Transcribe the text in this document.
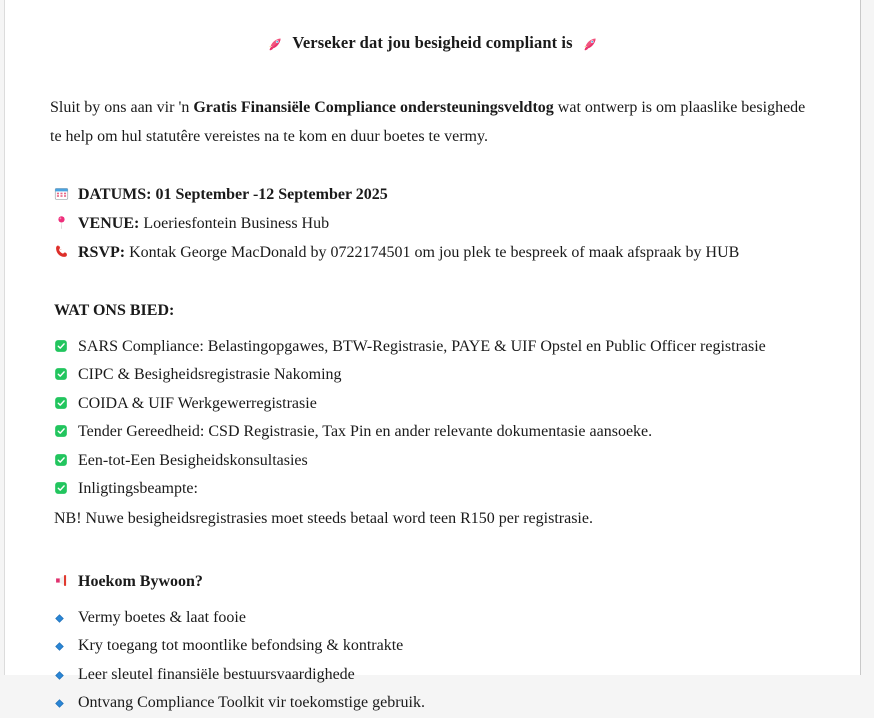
Verseker dat jou besigheid compliant is

Sluit by ons aan vir 'n Gratis Finansiële Compliance ondersteuningsveldtog wat ontwerp is om plaaslike besighede te help om hul statutêre vereistes na te kom en duur boetes te vermy.

DATUMS: 01 September -12 September 2025
VENUE: Loeriesfontein Business Hub
RSVP: Kontak George MacDonald by 0722174501 om jou plek te bespreek of maak afspraak by HUB
WAT ONS BIED:
SARS Compliance: Belastingopgawes, BTW-Registrasie, PAYE & UIF Opstel en Public Officer registrasie
CIPC & Besigheidsregistrasie Nakoming
COIDA & UIF Werkgewerregistrasie
Tender Gereedheid: CSD Registrasie, Tax Pin en ander relevante dokumentasie aansoeke.
Een-tot-Een Besigheidskonsultasies
Inligtingsbeampte:
NB! Nuwe besigheidsregistrasies moet steeds betaal word teen R150 per registrasie.
Hoekom Bywoon?
Vermy boetes & laat fooie
Kry toegang tot moontlike befondsing & kontrakte
Leer sleutel finansiële bestuursvaardighede
Ontvang Compliance Toolkit vir toekomstige gebruik.
